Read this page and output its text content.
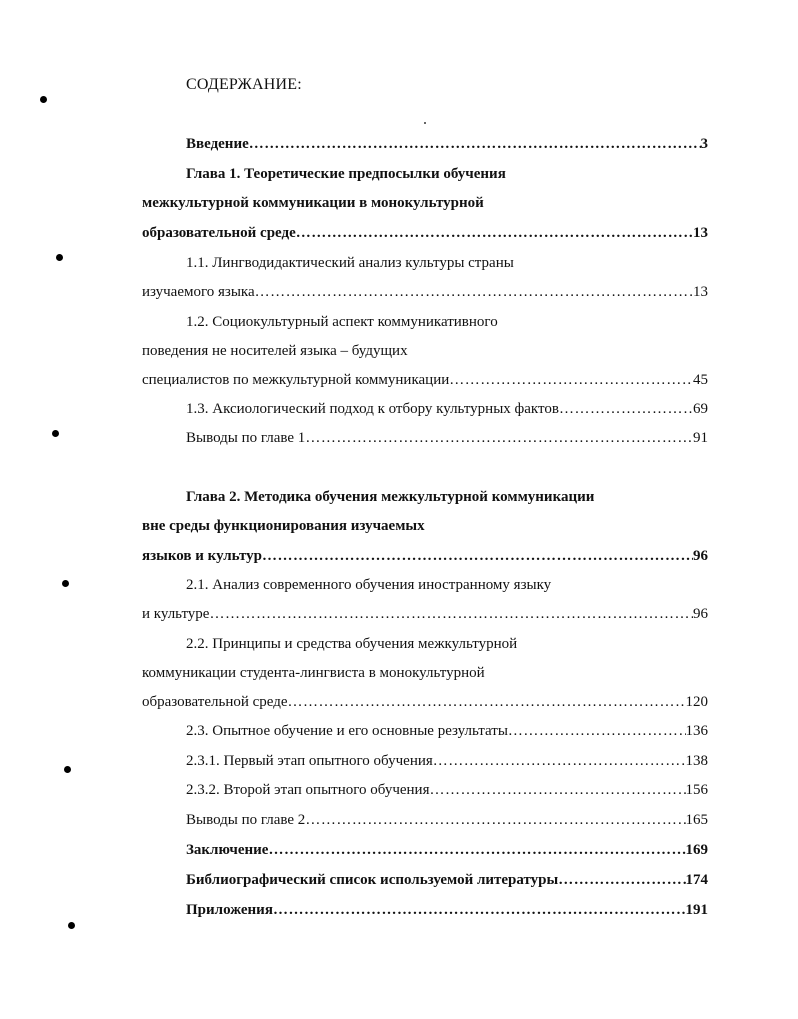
СОДЕРЖАНИЕ:
Введение …………………………………………………………………………………………………………………………………………………	3
Глава 1. Теоретические предпосылки обучения
межкультурной коммуникации в монокультурной
образовательной среде …………………………………………………………………………………………………………………………………………………	13
1.1. Лингводидактический анализ культуры страны
изучаемого языка …………………………………………………………………………………………………………………………………………………	13
1.2. Социокультурный аспект коммуникативного
поведения не носителей языка – будущих
специалистов по межкультурной коммуникации …………………………………………………………………………………………………………………………………………………	45
1.3. Аксиологический подход к отбору культурных фактов …………………………………………………………………………………………………………………………………………………	69
Выводы по главе 1 …………………………………………………………………………………………………………………………………………………	91
Глава 2. Методика обучения межкультурной коммуникации
вне среды функционирования изучаемых
языков и культур …………………………………………………………………………………………………………………………………………………	96
2.1. Анализ современного обучения иностранному языку
и культуре …………………………………………………………………………………………………………………………………………………	96
2.2. Принципы и средства обучения межкультурной
коммуникации студента-лингвиста в монокультурной
образовательной среде …………………………………………………………………………………………………………………………………………………	120
2.3. Опытное обучение и его основные результаты …………………………………………………………………………………………………………………………………………………	136
2.3.1. Первый этап опытного обучения …………………………………………………………………………………………………………………………………………………	138
2.3.2. Второй этап опытного обучения …………………………………………………………………………………………………………………………………………………	156
Выводы по главе 2 …………………………………………………………………………………………………………………………………………………	165
Заключение …………………………………………………………………………………………………………………………………………………	169
Библиографический список используемой литературы …………………………………………………………………………………………………………………………………………………	174
Приложения …………………………………………………………………………………………………………………………………………………	191
